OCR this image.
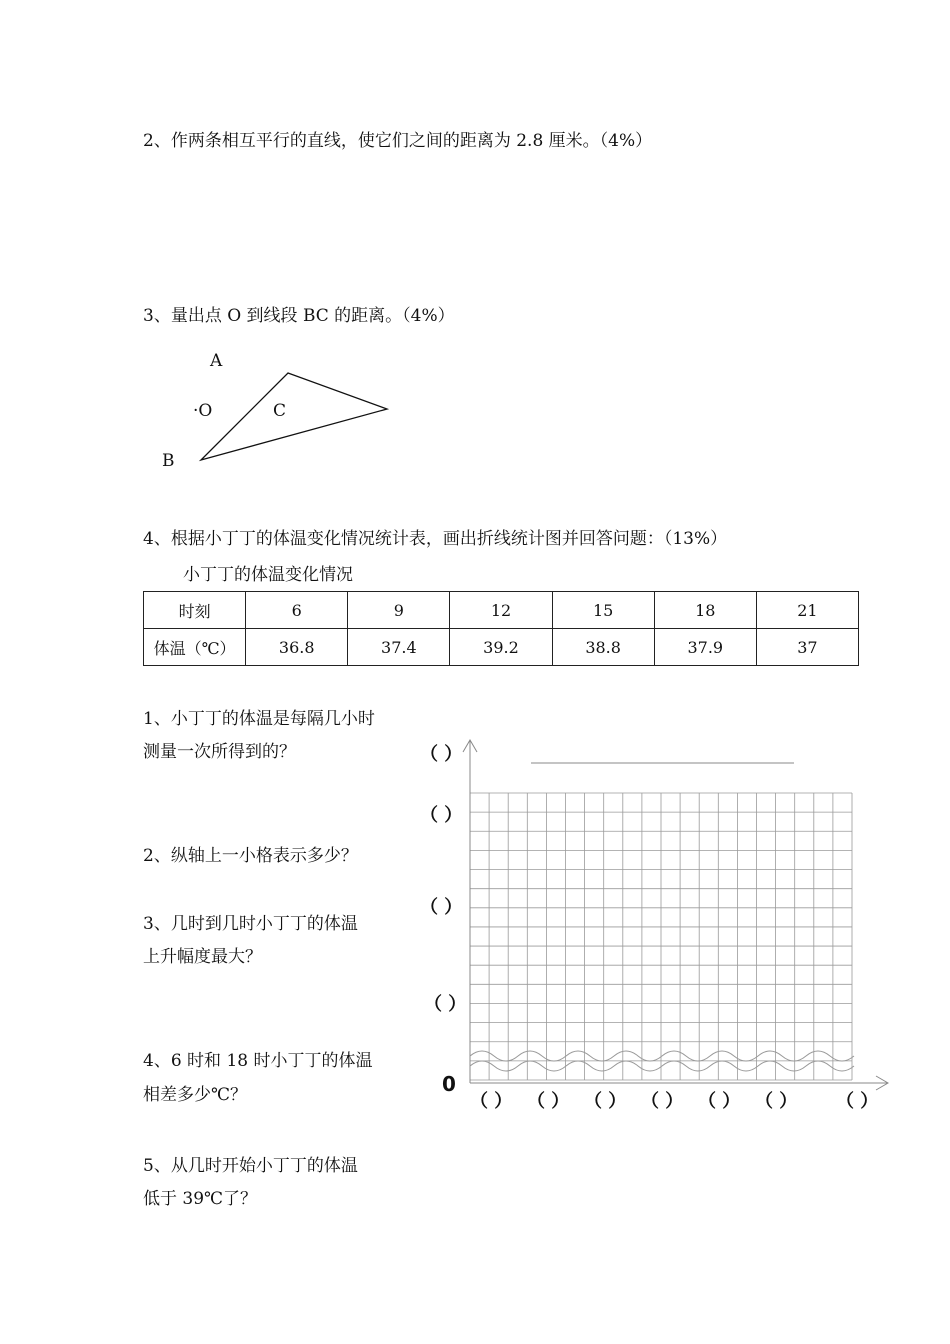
2、作两条相互平行的直线，使它们之间的距离为 2.8 厘米。（4%）
3、量出点 O 到线段 BC 的距离。（4%）
A
·O	C
B
4、根据小丁丁的体温变化情况统计表，画出折线统计图并回答问题：（13%）
小丁丁的体温变化情况
时刻	6	9	12	15	18	21
体温（℃）	36.8	37.4	39.2	38.8	37.9	37
1、小丁丁的体温是每隔几小时
测量一次所得到的？
2、纵轴上一小格表示多少？
3、几时到几时小丁丁的体温
上升幅度最大？
4、6 时和 18 时小丁丁的体温
相差多少℃？
5、从几时开始小丁丁的体温
低于 39℃了？
（ ）
（ ）
（ ）
（ ）
0
（ ） （ ） （ ） （ ） （ ） （ ） （ ）
